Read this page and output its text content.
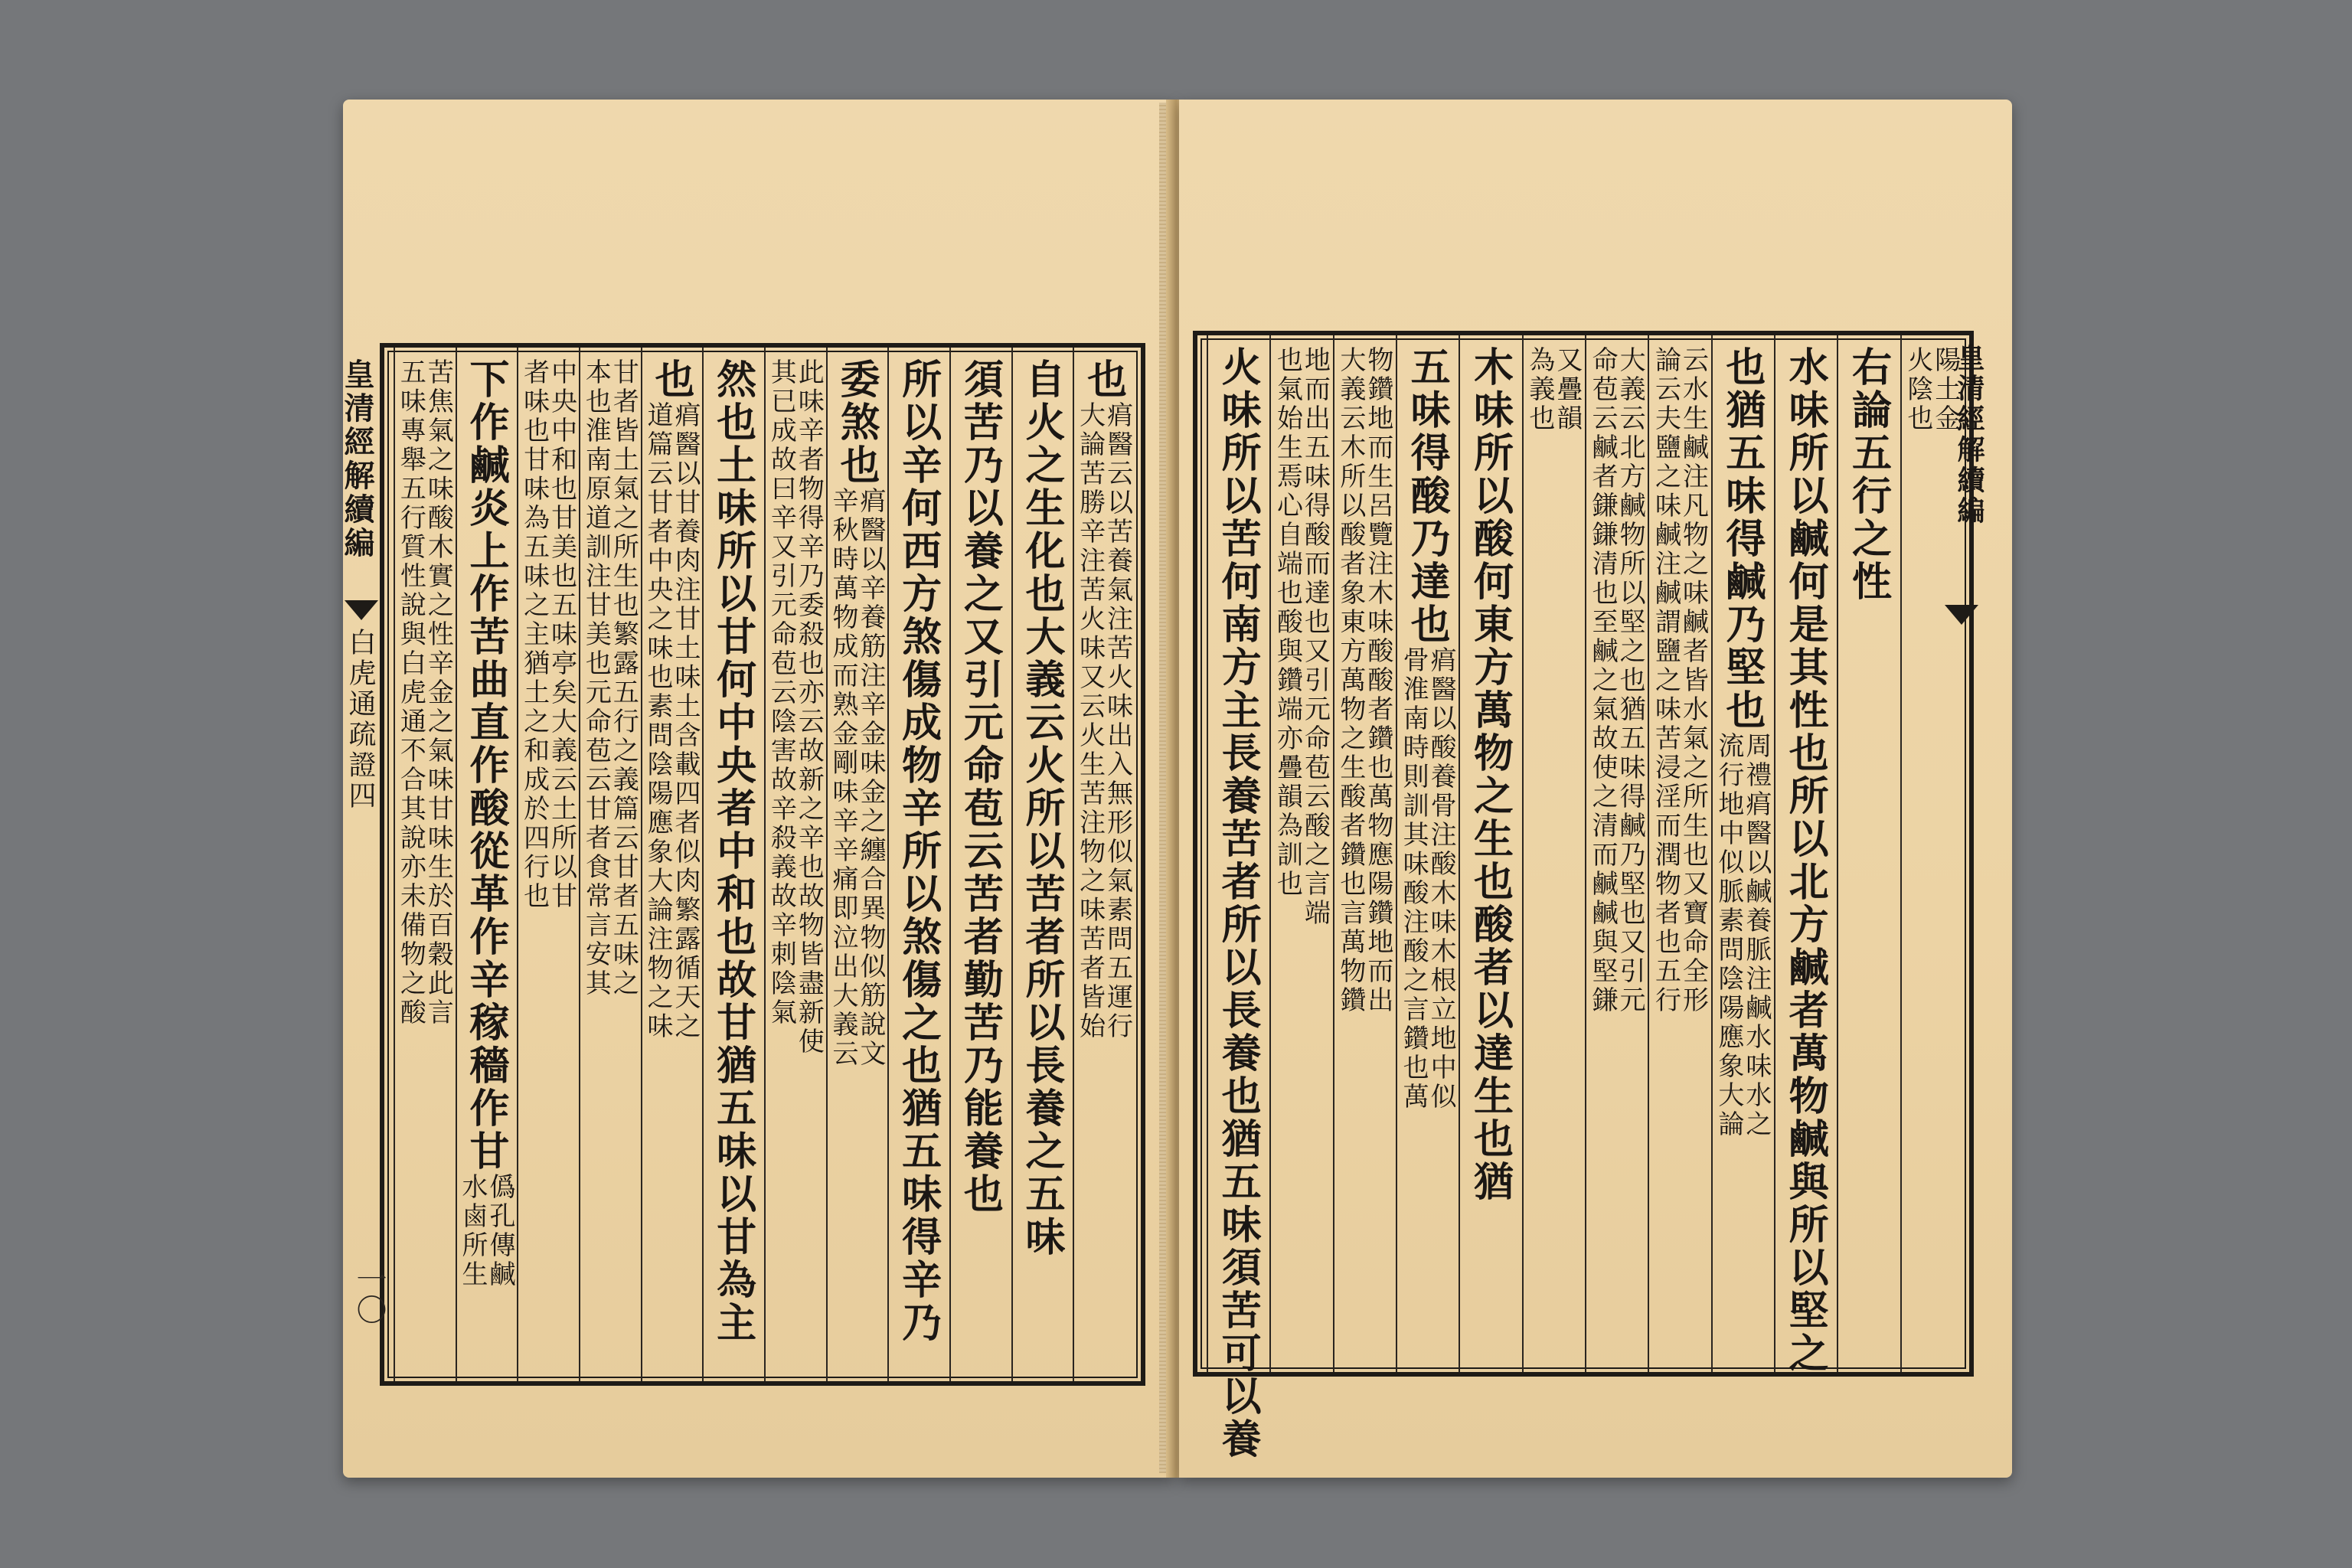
也
㾓醫云以苦養氣注苦火味出入無形似氣素問五運行
大論苦勝辛注苦火味又云火生苦注物之味苦者皆始
自火之生化也大義云火所以苦者所以長養之五味
須苦乃以養之又引元命苞云苦者勤苦乃能養也
所以辛何西方煞傷成物辛所以煞傷之也猶五味得辛乃
委煞也
㾓醫以辛養筋注辛金味金之纏合異物似筋說文
辛秋時萬物成而熟金剛味辛辛痛即泣出大義云
此味辛者物得辛乃委殺也亦云故新之辛也故物皆盡新使
其已成故曰辛又引元命苞云陰害故辛殺義故辛刺陰氣
然也土味所以甘何中央者中和也故甘猶五味以甘為主
也
㾓醫以甘養肉注甘土味土含載四者似肉繁露循天之
道篇云甘者中央之味也素問陰陽應象大論注物之味
甘者皆土氣之所生也繁露五行之義篇云甘者五味之
本也淮南原道訓注甘美也元命苞云甘者食常言安其
中央中和也甘美也五味亭矣大義云土所以甘
者味也甘味為五味之主猶土之和成於四行也
下作鹹炎上作苦曲直作酸從革作辛稼穡作甘
僞孔傳鹹
水鹵所生
苦焦氣之味酸木實之性辛金之氣味甘味生於百穀此言
五味專舉五行質性說與白虎通不合其說亦未備物之酸
皇清經解續編
白虎通疏證四
一〇
陽土金
火陰也
右論五行之性
水味所以鹹何是其性也所以北方鹹者萬物鹹與所以堅之
也猶五味得鹹乃堅也
周禮㾓醫以鹹養脈注鹹水味水之
流行地中似脈素問陰陽應象大論
云水生鹹注凡物之味鹹者皆水氣之所生也又寶命全形
論云夫鹽之味鹹注鹹謂鹽之味苦浸淫而潤物者也五行
大義云北方鹹物所以堅之也猶五味得鹹乃堅也又引元
命苞云鹹者鎌鎌清也至鹹之氣故使之清而鹹鹹與堅鎌
又疊韻
為義也
木味所以酸何東方萬物之生也酸者以達生也猶
五味得酸乃達也
㾓醫以酸養骨注酸木味木根立地中似
骨淮南時則訓其味酸注酸之言鑽也萬
物鑽地而生呂覽注木味酸酸者鑽也萬物應陽鑽地而出
大義云木所以酸者象東方萬物之生酸者鑽也言萬物鑽
地而出五味得酸而達也又引元命苞云酸之言端
也氣始生焉心自端也酸與鑽端亦疊韻為訓也
火味所以苦何南方主長養苦者所以長養也猶五味須苦可以養	皇清經解續編
